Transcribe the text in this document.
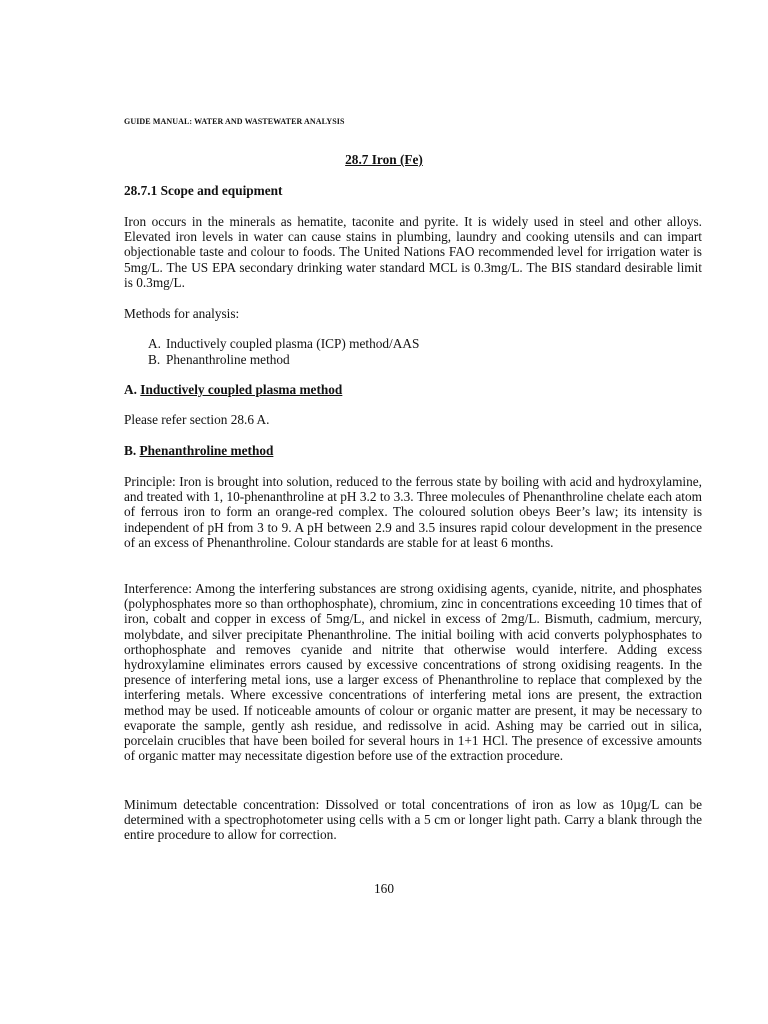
GUIDE MANUAL: WATER AND WASTEWATER ANALYSIS
28.7 Iron (Fe)
28.7.1 Scope and equipment
Iron occurs in the minerals as hematite, taconite and pyrite. It is widely used in steel and other alloys. Elevated iron levels in water can cause stains in plumbing, laundry and cooking utensils and can impart objectionable taste and colour to foods. The United Nations FAO recommended level for irrigation water is 5mg/L. The US EPA secondary drinking water standard MCL is 0.3mg/L. The BIS standard desirable limit is 0.3mg/L.
Methods for analysis:
A. Inductively coupled plasma (ICP) method/AAS
B. Phenanthroline method
A. Inductively coupled plasma method
Please refer section 28.6 A.
B. Phenanthroline method
Principle: Iron is brought into solution, reduced to the ferrous state by boiling with acid and hydroxylamine, and treated with 1, 10-phenanthroline at pH 3.2 to 3.3. Three molecules of Phenanthroline chelate each atom of ferrous iron to form an orange-red complex. The coloured solution obeys Beer’s law; its intensity is independent of pH from 3 to 9. A pH between 2.9 and 3.5 insures rapid colour development in the presence of an excess of Phenanthroline. Colour standards are stable for at least 6 months.
Interference: Among the interfering substances are strong oxidising agents, cyanide, nitrite, and phosphates (polyphosphates more so than orthophosphate), chromium, zinc in concentrations exceeding 10 times that of iron, cobalt and copper in excess of 5mg/L, and nickel in excess of 2mg/L. Bismuth, cadmium, mercury, molybdate, and silver precipitate Phenanthroline. The initial boiling with acid converts polyphosphates to orthophosphate and removes cyanide and nitrite that otherwise would interfere. Adding excess hydroxylamine eliminates errors caused by excessive concentrations of strong oxidising reagents. In the presence of interfering metal ions, use a larger excess of Phenanthroline to replace that complexed by the interfering metals. Where excessive concentrations of interfering metal ions are present, the extraction method may be used. If noticeable amounts of colour or organic matter are present, it may be necessary to evaporate the sample, gently ash residue, and redissolve in acid. Ashing may be carried out in silica, porcelain crucibles that have been boiled for several hours in 1+1 HCl. The presence of excessive amounts of organic matter may necessitate digestion before use of the extraction procedure.
Minimum detectable concentration: Dissolved or total concentrations of iron as low as 10µg/L can be determined with a spectrophotometer using cells with a 5 cm or longer light path. Carry a blank through the entire procedure to allow for correction.
160
